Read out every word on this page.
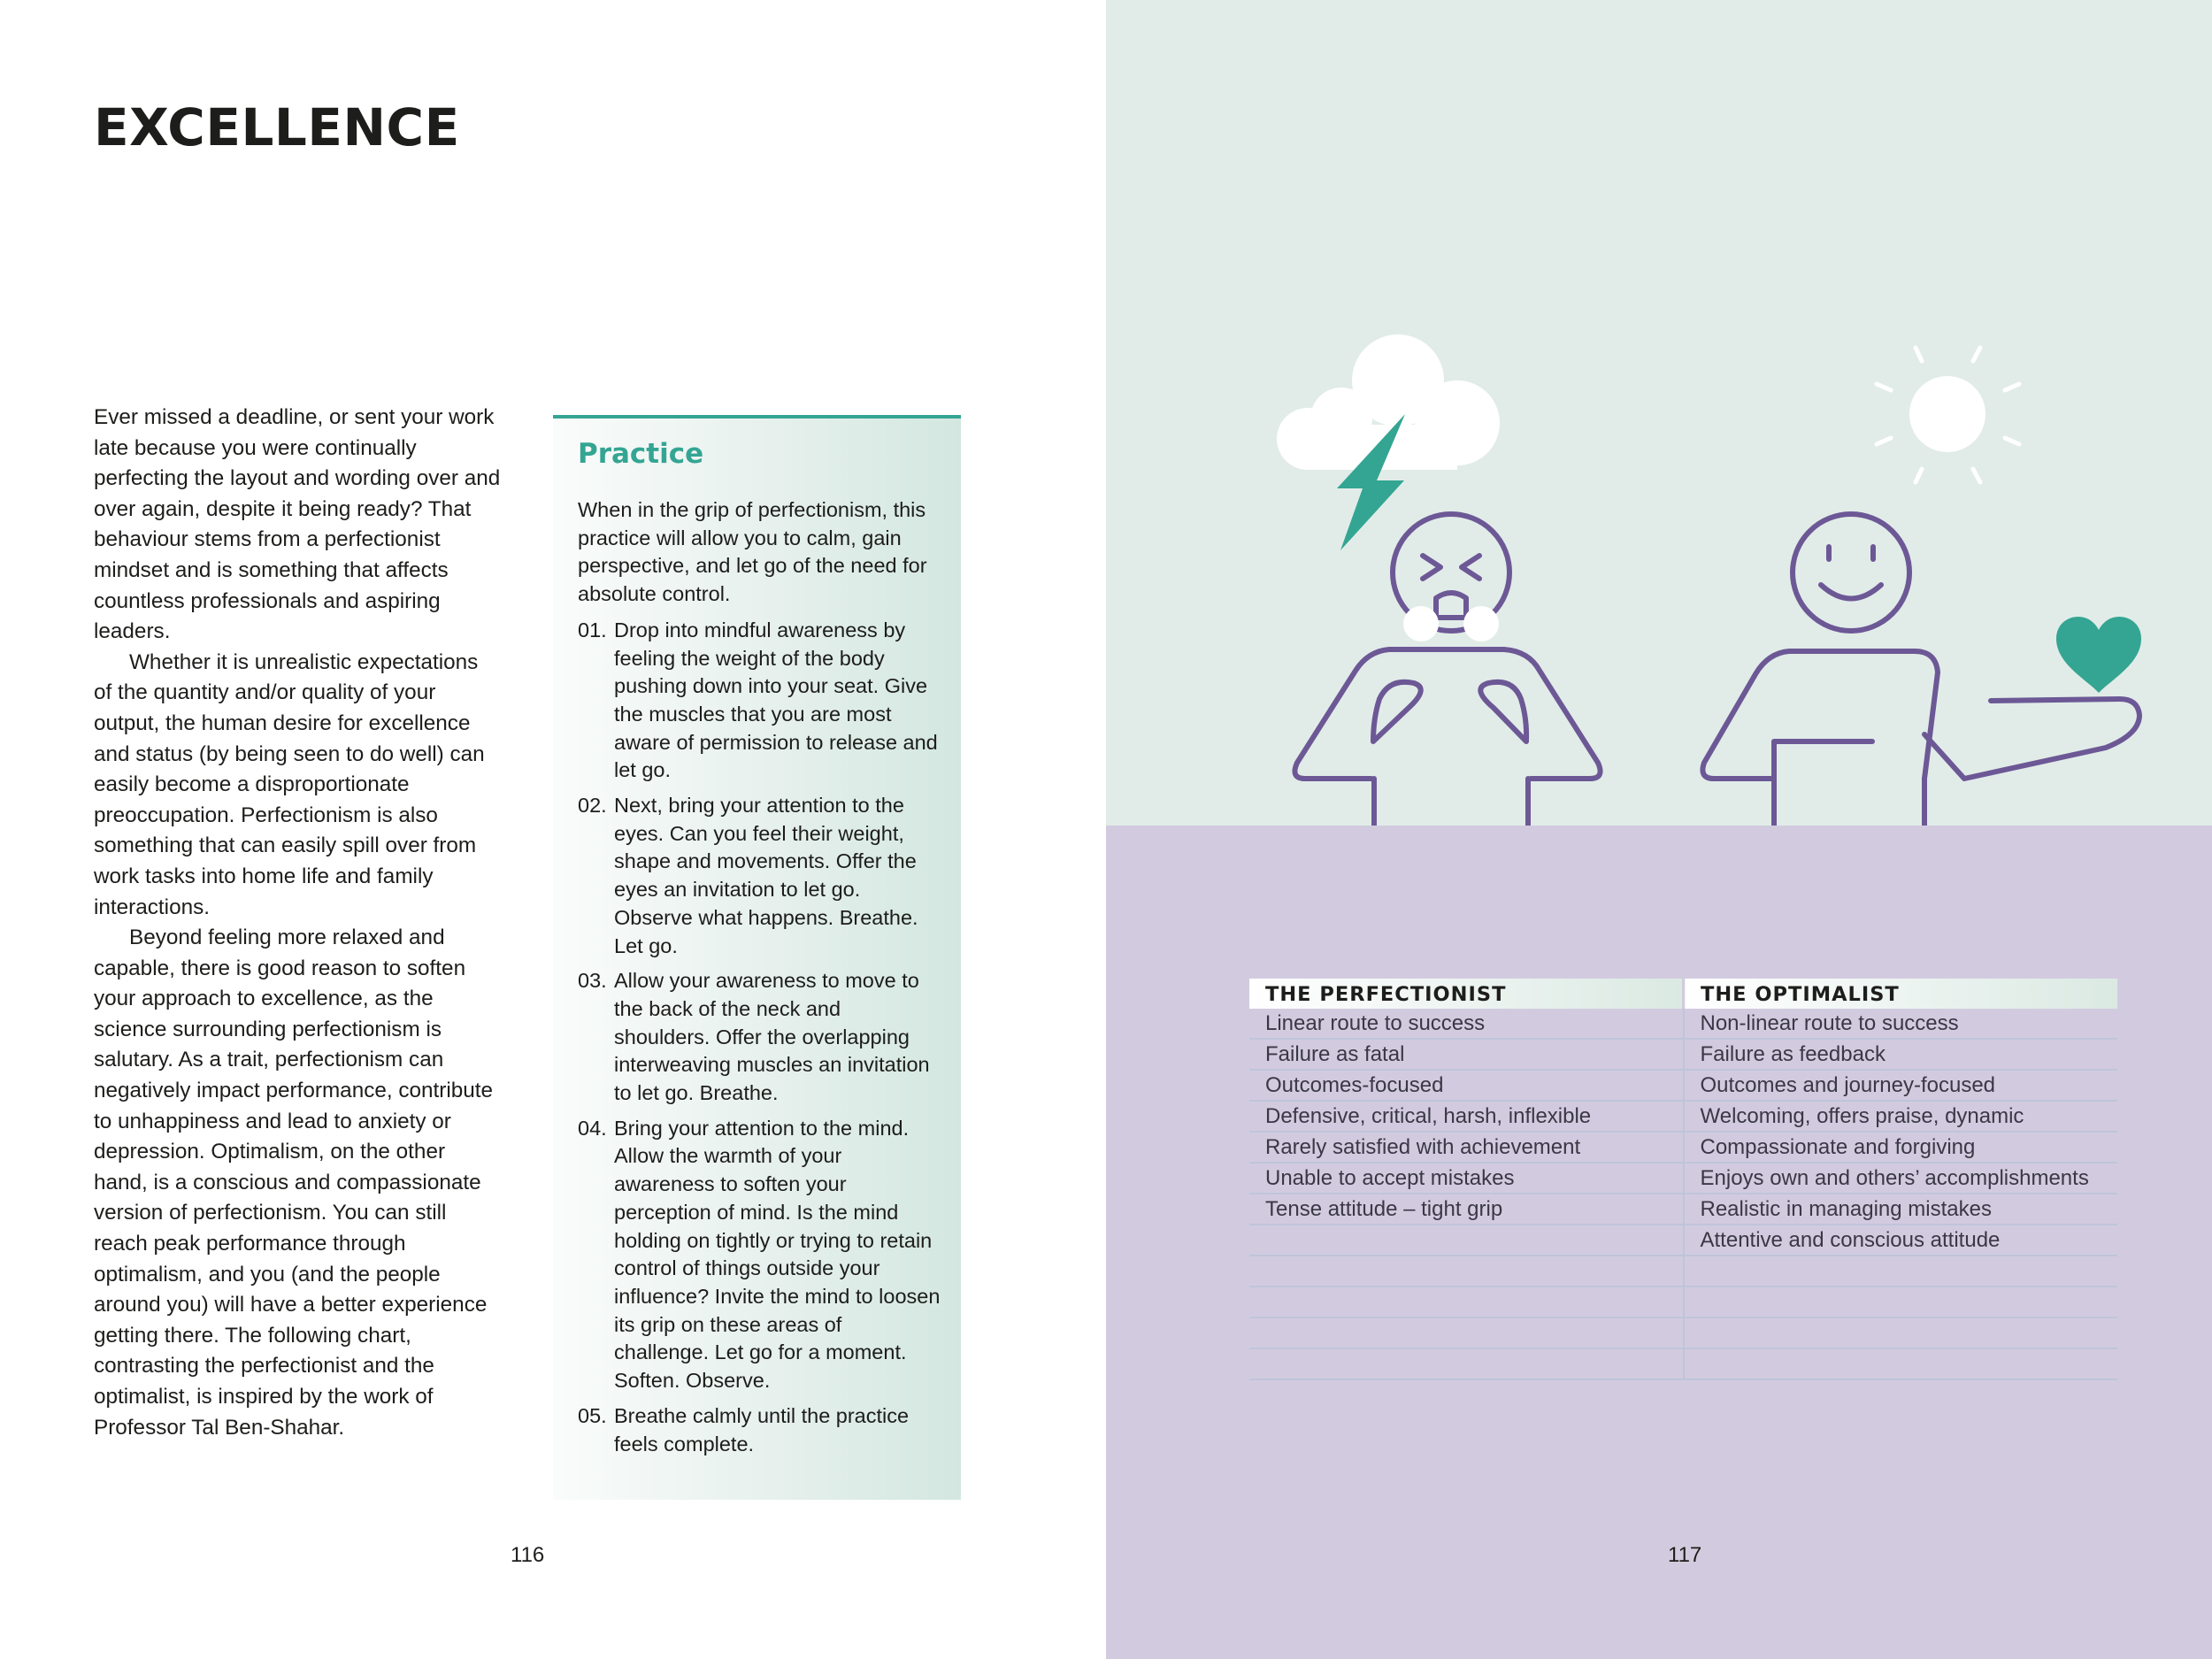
EXCELLENCE

Ever missed a deadline, or sent your work late because you were continually perfecting the layout and wording over and over again, despite it being ready? That behaviour stems from a perfectionist mindset and is something that affects countless professionals and aspiring leaders.

Whether it is unrealistic expectations of the quantity and/or quality of your output, the human desire for excellence and status (by being seen to do well) can easily become a disproportionate preoccupation. Perfectionism is also something that can easily spill over from work tasks into home life and family interactions.

Beyond feeling more relaxed and capable, there is good reason to soften your approach to excellence, as the science surrounding perfectionism is salutary. As a trait, perfectionism can negatively impact performance, contribute to unhappiness and lead to anxiety or depression. Optimalism, on the other hand, is a conscious and compassionate version of perfectionism. You can still reach peak performance through optimalism, and you (and the people around you) will have a better experience getting there. The following chart, contrasting the perfectionist and the optimalist, is inspired by the work of Professor Tal Ben-Shahar.

Practice

When in the grip of perfectionism, this practice will allow you to calm, gain perspective, and let go of the need for absolute control.

01. Drop into mindful awareness by feeling the weight of the body pushing down into your seat. Give the muscles that you are most aware of permission to release and let go.
02. Next, bring your attention to the eyes. Can you feel their weight, shape and movements. Offer the eyes an invitation to let go. Observe what happens. Breathe. Let go.
03. Allow your awareness to move to the back of the neck and shoulders. Offer the overlapping interweaving muscles an invitation to let go. Breathe.
04. Bring your attention to the mind. Allow the warmth of your awareness to soften your perception of mind. Is the mind holding on tightly or trying to retain control of things outside your influence? Invite the mind to loosen its grip on these areas of challenge. Let go for a moment. Soften. Observe.
05. Breathe calmly until the practice feels complete.
116
THE PERFECTIONIST	THE OPTIMALIST
Linear route to success	Non-linear route to success
Failure as fatal	Failure as feedback
Outcomes-focused	Outcomes and journey-focused
Defensive, critical, harsh, inflexible	Welcoming, offers praise, dynamic
Rarely satisfied with achievement	Compassionate and forgiving
Unable to accept mistakes	Enjoys own and others’ accomplishments
Tense attitude – tight grip	Realistic in managing mistakes
	Attentive and conscious attitude

117
